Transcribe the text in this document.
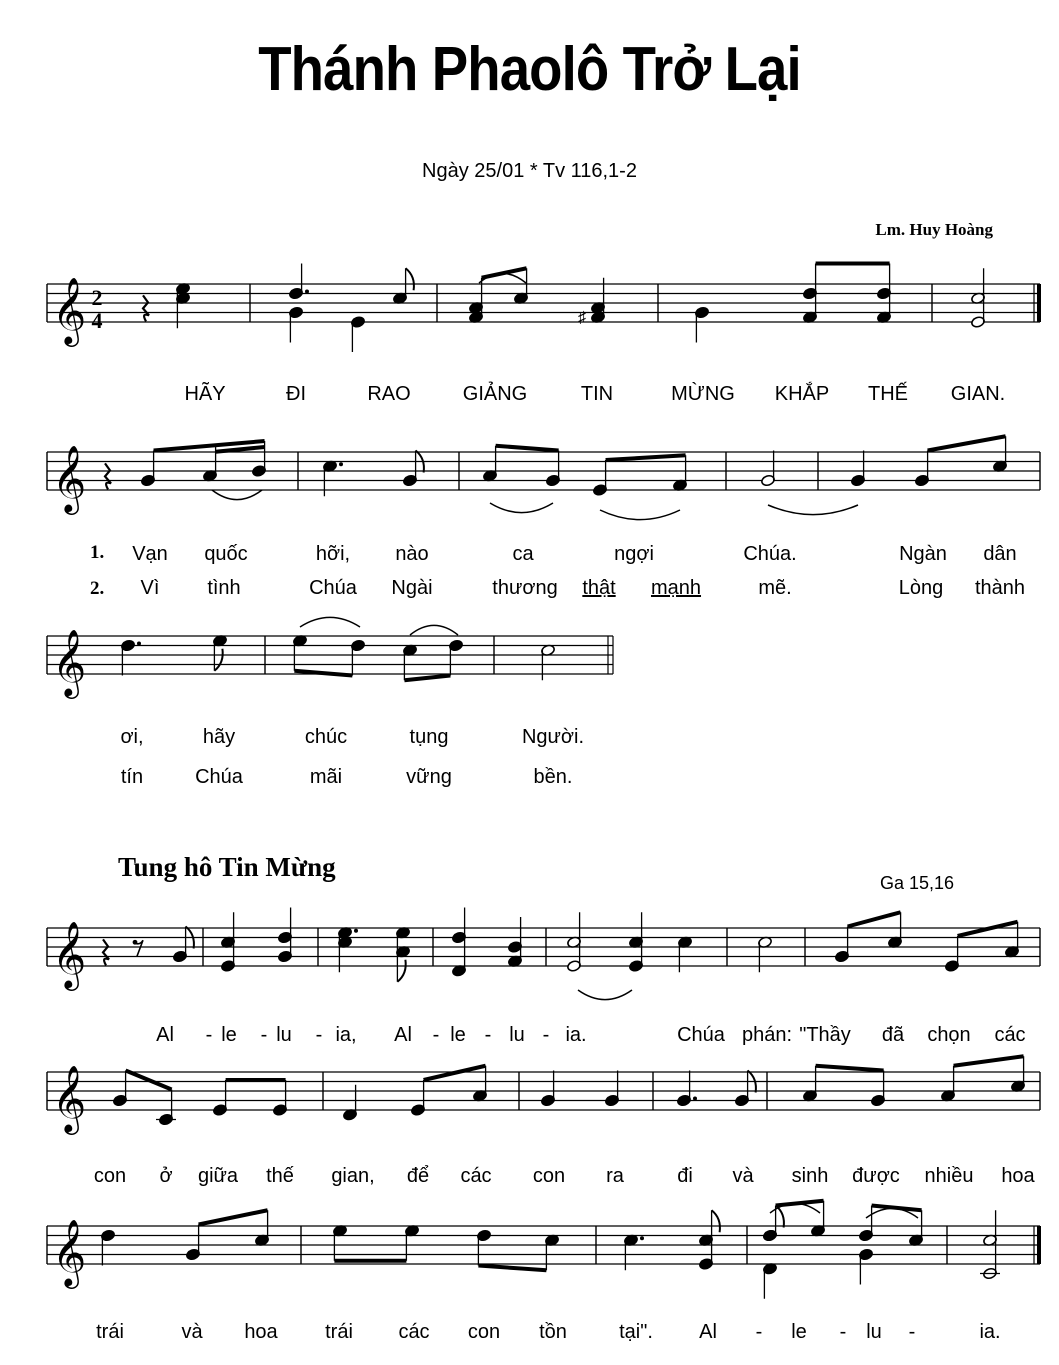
Thánh Phaolô Trở Lại
Ngày 25/01 * Tv 116,1-2
Lm. Huy Hoàng
Tung hô Tin Mừng
Ga 15,16
𝄞
𝄞
𝄞
𝄞
𝄞
𝄞
♯
2
4
HÃY	ĐI	RAO	GIẢNG	TIN	MỪNG KHẮP THẾ GIAN.
1.
2.
Vạn quốc	hỡi, nào	ca	ngợi	Chúa.	Ngàn dân
Vì tình	Chúa Ngài	thương thật mạnh	mẽ.	Lòng thành
ơi,	hãy	chúc	tụng	Người.
tín	Chúa	mãi	vững	bền.
Al - le - lu - ia, Al - le - lu - ia.	Chúa phán: "Thầy đã chọn các
con ở giữa thế gian, để các con ra	đi và sinh được nhiều hoa
trái	và hoa trái các con tồn	tại". Al - le - lu -	ia.
